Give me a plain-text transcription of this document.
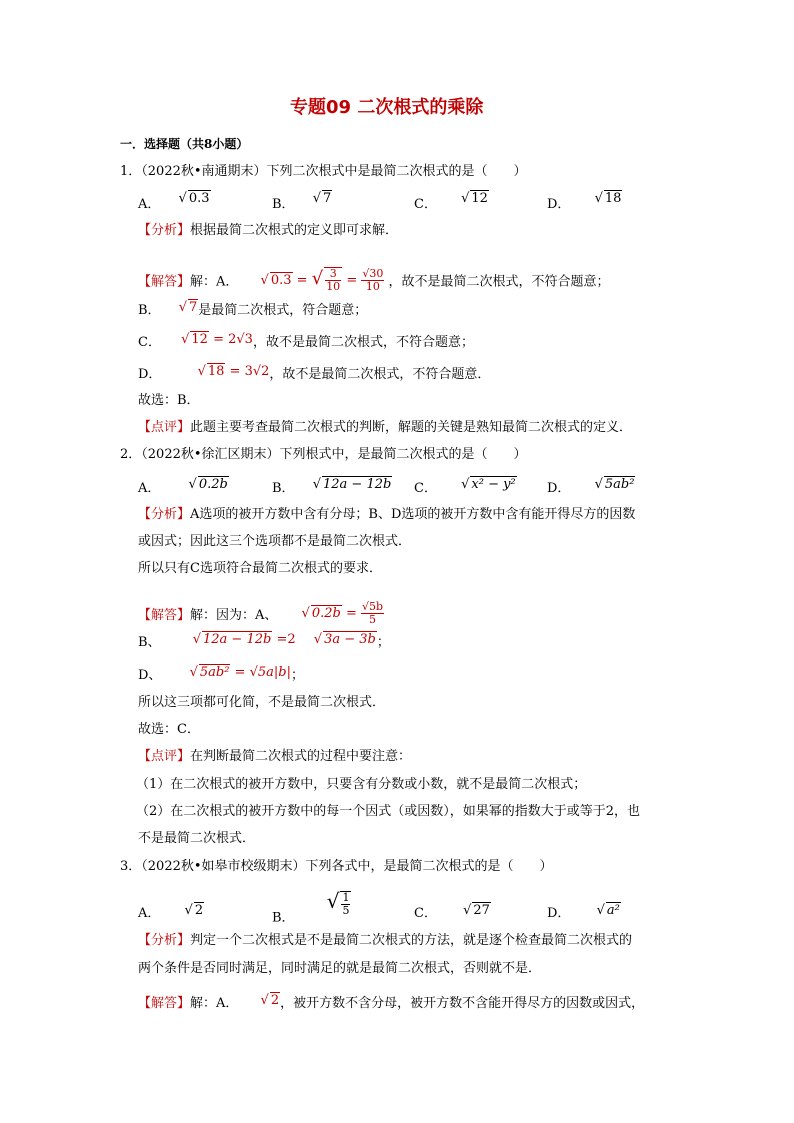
专题09 二次根式的乘除
一．选择题（共8小题）
1．（2022秋•南通期末）下列二次根式中是最简二次根式的是（　　）
A． √ 0.3	B． √ 7	C． √ 12	D． √ 18
【分析】根据最简二次根式的定义即可求解．
【解答】解：A． √ 0.3 = √ $\frac{3}{10} = \frac{√30}{10}$ ，故不是最简二次根式，不符合题意；
B． √ 7是最简二次根式，符合题意；
C． √ 12 = 2√3，故不是最简二次根式，不符合题意；
D．	√ 18 = 3√2，故不是最简二次根式，不符合题意．
故选：B．
【点评】此题主要考查最简二次根式的判断，解题的关键是熟知最简二次根式的定义．
2．（2022秋•徐汇区期末）下列根式中，是最简二次根式的是（　　）
A． √ 0.2b	B． √ 12a − 12b C． √ x² − y² D． √ 5ab²
【分析】A选项的被开方数中含有分母；B、D选项的被开方数中含有能开得尽方的因数
或因式；因此这三个选项都不是最简二次根式．
所以只有C选项符合最简二次根式的要求．
【解答】解：因为：A、 √ $0.2b = \frac{√5b}{5}$
B、 √ 12a − 12b =2 √ 3a − 3b；
D、 √ 5ab² = √5a|b|；
所以这三项都可化简，不是最简二次根式．
故选：C．
【点评】在判断最简二次根式的过程中要注意：
（1）在二次根式的被开方数中，只要含有分数或小数，就不是最简二次根式；
（2）在二次根式的被开方数中的每一个因式（或因数），如果幂的指数大于或等于2，也
不是最简二次根式．
3．（2022秋•如皋市校级期末）下列各式中，是最简二次根式的是（　　）
A． √ 2	B． √ $\frac{1}{5}$	C． √ 27	D． √ a²
【分析】判定一个二次根式是不是最简二次根式的方法，就是逐个检查最简二次根式的
两个条件是否同时满足，同时满足的就是最简二次根式，否则就不是．
【解答】解：A． √ 2，被开方数不含分母，被开方数不含能开得尽方的因数或因式，
